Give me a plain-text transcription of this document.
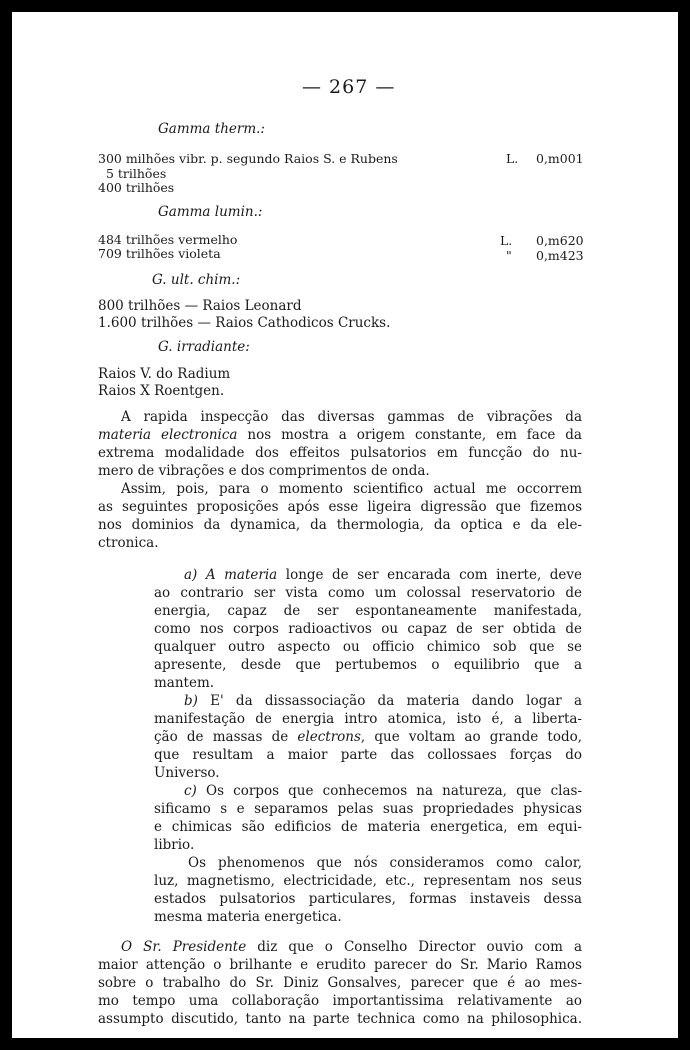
— 267 —
Gamma therm.:
300 milhões vibr. p. segundo Raios S. e Rubens	L. 0,m001
5 trilhões
400 trilhões
Gamma lumin.:
484 trilhões vermelho	L. 0,m620
709 trilhões violeta	" 0,m423
G. ult. chim.:
800 trilhões — Raios Leonard
1.600 trilhões — Raios Cathodicos Crucks.
G. irradiante:
Raios V. do Radium
Raios X Roentgen.
A rapida inspecção das diversas gammas de vibrações da
materia electronica nos mostra a origem constante, em face da
extrema modalidade dos effeitos pulsatorios em funcção do nu-
mero de vibrações e dos comprimentos de onda.
Assim, pois, para o momento scientifico actual me occorrem
as seguintes proposições após esse ligeira digressão que fizemos
nos dominios da dynamica, da thermologia, da optica e da ele-
ctronica.
a) A materia longe de ser encarada com inerte, deve
ao contrario ser vista como um colossal reservatorio de
energia, capaz de ser espontaneamente manifestada,
como nos corpos radioactivos ou capaz de ser obtida de
qualquer outro aspecto ou officio chimico sob que se
apresente, desde que pertubemos o equilibrio que a
mantem.
b) E' da dissassociação da materia dando logar a
manifestação de energia intro atomica, isto é, a liberta-
ção de massas de electrons, que voltam ao grande todo,
que resultam a maior parte das collossaes forças do
Universo.
c) Os corpos que conhecemos na natureza, que clas-
sificamo s e separamos pelas suas propriedades physicas
e chimicas são edificios de materia energetica, em equi-
librio.
Os phenomenos que nós consideramos como calor,
luz, magnetismo, electricidade, etc., representam nos seus
estados pulsatorios particulares, formas instaveis dessa
mesma materia energetica.
O Sr. Presidente diz que o Conselho Director ouvio com a
maior attenção o brilhante e erudito parecer do Sr. Mario Ramos
sobre o trabalho do Sr. Diniz Gonsalves, parecer que é ao mes-
mo tempo uma collaboração importantissima relativamente ao
assumpto discutido, tanto na parte technica como na philosophica.
